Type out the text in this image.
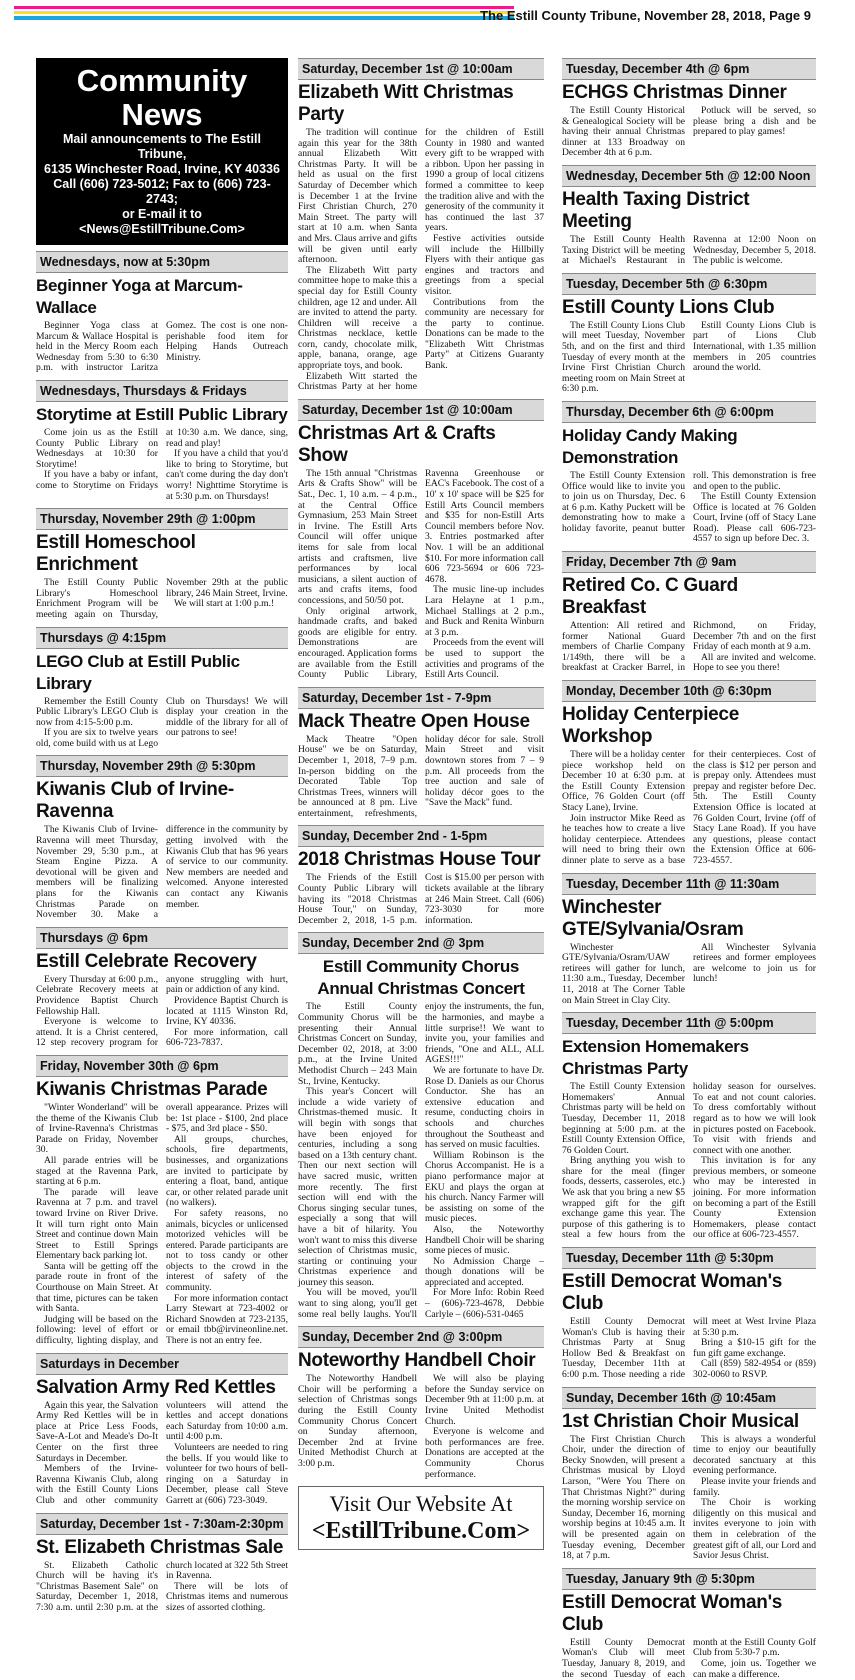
The Estill County Tribune, November 28, 2018, Page 9
Community News
Mail announcements to The Estill Tribune,
6135 Winchester Road, Irvine, KY 40336
Call (606) 723-5012; Fax to (606) 723-2743;
or E-mail it to <News@EstillTribune.Com>
Wednesdays, now at 5:30pm
Beginner Yoga at Marcum-Wallace

Beginner Yoga class at Marcum & Wallace Hospital is held in the Mercy Room each Wednesday from 5:30 to 6:30 p.m. with instructor Laritza Gomez. The cost is one non-perishable food item for Helping Hands Outreach Ministry.

Wednesdays, Thursdays & Fridays
Storytime at Estill Public Library

Come join us as the Estill County Public Library on Wednesdays at 10:30 for Storytime!

If you have a baby or infant, come to Storytime on Fridays at 10:30 a.m. We dance, sing, read and play!

If you have a child that you'd like to bring to Storytime, but can't come during the day don't worry! Nighttime Storytime is at 5:30 p.m. on Thursdays!

Thursday, November 29th @ 1:00pm
Estill Homeschool Enrichment

The Estill County Public Library's Homeschool Enrichment Program will be meeting again on Thursday, November 29th at the public library, 246 Main Street, Irvine.

We will start at 1:00 p.m.!

Thursdays @ 4:15pm
LEGO Club at Estill Public Library

Remember the Estill County Public Library's LEGO Club is now from 4:15-5:00 p.m.

If you are six to twelve years old, come build with us at Lego Club on Thursdays! We will display your creation in the middle of the library for all of our patrons to see!

Thursday, November 29th @ 5:30pm
Kiwanis Club of Irvine-Ravenna

The Kiwanis Club of Irvine-Ravenna will meet Thursday, November 29, 5:30 p.m., at Steam Engine Pizza. A devotional will be given and members will be finalizing plans for the Kiwanis Christmas Parade on November 30. Make a difference in the community by getting involved with the Kiwanis Club that has 96 years of service to our community. New members are needed and welcomed. Anyone interested can contact any Kiwanis member.

Thursdays @ 6pm
Estill Celebrate Recovery

Every Thursday at 6:00 p.m., Celebrate Recovery meets at Providence Baptist Church Fellowship Hall.

Everyone is welcome to attend. It is a Christ centered, 12 step recovery program for anyone struggling with hurt, pain or addiction of any kind.

Providence Baptist Church is located at 1115 Winston Rd, Irvine, KY 40336.

For more information, call 606-723-7837.

Friday, November 30th @ 6pm
Kiwanis Christmas Parade

"Winter Wonderland" will be the theme of the Kiwanis Club of Irvine-Ravenna's Christmas Parade on Friday, November 30.

All parade entries will be staged at the Ravenna Park, starting at 6 p.m.

The parade will leave Ravenna at 7 p.m. and travel toward Irvine on River Drive. It will turn right onto Main Street and continue down Main Street to Estill Springs Elementary back parking lot.

Santa will be getting off the parade route in front of the Courthouse on Main Street. At that time, pictures can be taken with Santa.

Judging will be based on the following: level of effort or difficulty, lighting display, and overall appearance. Prizes will be: 1st place - $100, 2nd place - $75, and 3rd place - $50.

All groups, churches, schools, fire departments, businesses, and organizations are invited to participate by entering a float, band, antique car, or other related parade unit (no walkers).

For safety reasons, no animals, bicycles or unlicensed motorized vehicles will be entered. Parade participants are not to toss candy or other objects to the crowd in the interest of safety of the community.

For more information contact Larry Stewart at 723-4002 or Richard Snowden at 723-2135, or email tbb@irvineonline.net. There is not an entry fee.

Saturdays in December
Salvation Army Red Kettles

Again this year, the Salvation Army Red Kettles will be in place at Price Less Foods, Save-A-Lot and Meade's Do-It Center on the first three Saturdays in December.

Members of the Irvine-Ravenna Kiwanis Club, along with the Estill County Lions Club and other community volunteers will attend the kettles and accept donations each Saturday from 10:00 a.m. until 4:00 p.m.

Volunteers are needed to ring the bells. If you would like to volunteer for two hours of bell-ringing on a Saturday in December, please call Steve Garrett at (606) 723-3049.

Saturday, December 1st - 7:30am-2:30pm
St. Elizabeth Christmas Sale

St. Elizabeth Catholic Church will be having it's "Christmas Basement Sale" on Saturday, December 1, 2018, 7:30 a.m. until 2:30 p.m. at the church located at 322 5th Street in Ravenna.

There will be lots of Christmas items and numerous sizes of assorted clothing.

Saturday, December 1st @ 10:00am
Elizabeth Witt Christmas Party

The tradition will continue again this year for the 38th annual Elizabeth Witt Christmas Party. It will be held as usual on the first Saturday of December which is December 1 at the Irvine First Christian Church, 270 Main Street. The party will start at 10 a.m. when Santa and Mrs. Claus arrive and gifts will be given until early afternoon.

The Elizabeth Witt party committee hope to make this a special day for Estill County children, age 12 and under. All are invited to attend the party. Children will receive a Christmas necklace, kettle corn, candy, chocolate milk, apple, banana, orange, age appropriate toys, and book.

Elizabeth Witt started the Christmas Party at her home for the children of Estill County in 1980 and wanted every gift to be wrapped with a ribbon. Upon her passing in 1990 a group of local citizens formed a committee to keep the tradition alive and with the generosity of the community it has continued the last 37 years.

Festive activities outside will include the Hillbilly Flyers with their antique gas engines and tractors and greetings from a special visitor.

Contributions from the community are necessary for the party to continue. Donations can be made to the "Elizabeth Witt Christmas Party" at Citizens Guaranty Bank.

Saturday, December 1st @ 10:00am
Christmas Art & Crafts Show

The 15th annual "Christmas Arts & Crafts Show" will be Sat., Dec. 1, 10 a.m. – 4 p.m., at the Central Office Gymnasium, 253 Main Street in Irvine. The Estill Arts Council will offer unique items for sale from local artists and craftsmen, live performances by local musicians, a silent auction of arts and crafts items, food concessions, and 50/50 pot.

Only original artwork, handmade crafts, and baked goods are eligible for entry. Demonstrations are encouraged. Application forms are available from the Estill County Public Library, Ravenna Greenhouse or EAC's Facebook. The cost of a 10' x 10' space will be $25 for Estill Arts Council members and $35 for non-Estill Arts Council members before Nov. 3. Entries postmarked after Nov. 1 will be an additional $10. For more information call 606 723-5694 or 606 723-4678.

The music line-up includes Lara Helayne at 1 p.m., Michael Stallings at 2 p.m., and Buck and Renita Winburn at 3 p.m.

Proceeds from the event will be used to support the activities and programs of the Estill Arts Council.

Saturday, December 1st - 7-9pm
Mack Theatre Open House

Mack Theatre "Open House" we be on Saturday, December 1, 2018, 7–9 p.m. In-person bidding on the Decorated Table Top Christmas Trees, winners will be announced at 8 pm. Live entertainment, refreshments, holiday décor for sale. Stroll Main Street and visit downtown stores from 7 – 9 p.m. All proceeds from the tree auction and sale of holiday décor goes to the "Save the Mack" fund.

Sunday, December 2nd - 1-5pm
2018 Christmas House Tour

The Friends of the Estill County Public Library will having its "2018 Christmas House Tour," on Sunday, December 2, 2018, 1-5 p.m. Cost is $15.00 per person with tickets available at the library at 246 Main Street. Call (606) 723-3030 for more information.

Sunday, December 2nd @ 3pm
Estill Community Chorus Annual Christmas Concert

The Estill County Community Chorus will be presenting their Annual Christmas Concert on Sunday, December 02, 2018, at 3:00 p.m., at the Irvine United Methodist Church – 243 Main St., Irvine, Kentucky.

This year's Concert will include a wide variety of Christmas-themed music. It will begin with songs that have been enjoyed for centuries, including a song based on a 13th century chant. Then our next section will have sacred music, written more recently. The first section will end with the Chorus singing secular tunes, especially a song that will have a bit of hilarity. You won't want to miss this diverse selection of Christmas music, starting or continuing your Christmas experience and journey this season.

You will be moved, you'll want to sing along, you'll get some real belly laughs. You'll enjoy the instruments, the fun, the harmonies, and maybe a little surprise!! We want to invite you, your families and friends, "One and ALL, ALL AGES!!!"

We are fortunate to have Dr. Rose D. Daniels as our Chorus Conductor. She has an extensive education and resume, conducting choirs in schools and churches throughout the Southeast and has served on music faculties.

William Robinson is the Chorus Accompanist. He is a piano performance major at EKU and plays the organ at his church. Nancy Farmer will be assisting on some of the music pieces.

Also, the Noteworthy Handbell Choir will be sharing some pieces of music.

No Admission Charge – though donations will be appreciated and accepted.

For More Info: Robin Reed – (606)-723-4678, Debbie Carlyle – (606)-531-0465

Sunday, December 2nd @ 3:00pm
Noteworthy Handbell Choir

The Noteworthy Handbell Choir will be performing a selection of Christmas songs during the Estill County Community Chorus Concert on Sunday afternoon, December 2nd at Irvine United Methodist Church at 3:00 p.m.

We will also be playing before the Sunday service on December 9th at 11:00 p.m. at Irvine United Methodist Church.

Everyone is welcome and both performances are free. Donations are accepted at the Community Chorus performance.

Visit Our Website At
<EstillTribune.Com>
Tuesday, December 4th @ 6pm
ECHGS Christmas Dinner

The Estill County Historical & Genealogical Society will be having their annual Christmas dinner at 133 Broadway on December 4th at 6 p.m.

Potluck will be served, so please bring a dish and be prepared to play games!

Wednesday, December 5th @ 12:00 Noon
Health Taxing District Meeting

The Estill County Health Taxing District will be meeting at Michael's Restaurant in Ravenna at 12:00 Noon on Wednesday, December 5, 2018. The public is welcome.

Tuesday, December 5th @ 6:30pm
Estill County Lions Club

The Estill County Lions Club will meet Tuesday, November 5th, and on the first and third Tuesday of every month at the Irvine First Christian Church meeting room on Main Street at 6:30 p.m.

Estill County Lions Club is part of Lions Club International, with 1.35 million members in 205 countries around the world.

Thursday, December 6th @ 6:00pm
Holiday Candy Making Demonstration

The Estill County Extension Office would like to invite you to join us on Thursday, Dec. 6 at 6 p.m. Kathy Puckett will be demonstrating how to make a holiday favorite, peanut butter roll. This demonstration is free and open to the public.

The Estill County Extension Office is located at 76 Golden Court, Irvine (off of Stacy Lane Road). Please call 606-723-4557 to sign up before Dec. 3.

Friday, December 7th @ 9am
Retired Co. C Guard Breakfast

Attention: All retired and former National Guard members of Charlie Company 1/149th, there will be a breakfast at Cracker Barrel, in Richmond, on Friday, December 7th and on the first Friday of each month at 9 a.m.

All are invited and welcome. Hope to see you there!

Monday, December 10th @ 6:30pm
Holiday Centerpiece Workshop

There will be a holiday center piece workshop held on December 10 at 6:30 p.m. at the Estill County Extension Office, 76 Golden Court (off Stacy Lane), Irvine.

Join instructor Mike Reed as he teaches how to create a live holiday centerpiece. Attendees will need to bring their own dinner plate to serve as a base for their centerpieces. Cost of the class is $12 per person and is prepay only. Attendees must prepay and register before Dec. 5th. The Estill County Extension Office is located at 76 Golden Court, Irvine (off of Stacy Lane Road). If you have any questions, please contact the Extension Office at 606-723-4557.

Tuesday, December 11th @ 11:30am
Winchester GTE/Sylvania/Osram

Winchester GTE/Sylvania/Osram/UAW retirees will gather for lunch, 11:30 a.m., Tuesday, December 11, 2018 at The Corner Table on Main Street in Clay City.

All Winchester Sylvania retirees and former employees are welcome to join us for lunch!

Tuesday, December 11th @ 5:00pm
Extension Homemakers Christmas Party

The Estill County Extension Homemakers' Annual Christmas party will be held on Tuesday, December 11, 2018 beginning at 5:00 p.m. at the Estill County Extension Office, 76 Golden Court.

Bring anything you wish to share for the meal (finger foods, desserts, casseroles, etc.) We ask that you bring a new $5 wrapped gift for the gift exchange game this year. The purpose of this gathering is to steal a few hours from the holiday season for ourselves. To eat and not count calories. To dress comfortably without regard as to how we will look in pictures posted on Facebook. To visit with friends and connect with one another.

This invitation is for any previous members, or someone who may be interested in joining. For more information on becoming a part of the Estill County Extension Homemakers, please contact our office at 606-723-4557.

Tuesday, December 11th @ 5:30pm
Estill Democrat Woman's Club

Estill County Democrat Woman's Club is having their Christmas Party at Snug Hollow Bed & Breakfast on Tuesday, December 11th at 6:00 p.m. Those needing a ride will meet at West Irvine Plaza at 5:30 p.m.

Bring a $10-15 gift for the fun gift game exchange.

Call (859) 582-4954 or (859) 302-0060 to RSVP.

Sunday, December 16th @ 10:45am
1st Christian Choir Musical

The First Christian Church Choir, under the direction of Becky Snowden, will present a Christmas musical by Lloyd Larson, "Were You There on That Christmas Night?" during the morning worship service on Sunday, December 16, morning worship begins at 10:45 a.m. It will be presented again on Tuesday evening, December 18, at 7 p.m.

This is always a wonderful time to enjoy our beautifully decorated sanctuary at this evening performance.

Please invite your friends and family.

The Choir is working diligently on this musical and invites everyone to join with them in celebration of the greatest gift of all, our Lord and Savior Jesus Christ.

Tuesday, January 9th @ 5:30pm
Estill Democrat Woman's Club

Estill County Democrat Woman's Club will meet Tuesday, January 8, 2019, and the second Tuesday of each month at the Estill County Golf Club from 5:30-7 p.m.

Come, join us. Together we can make a difference.
